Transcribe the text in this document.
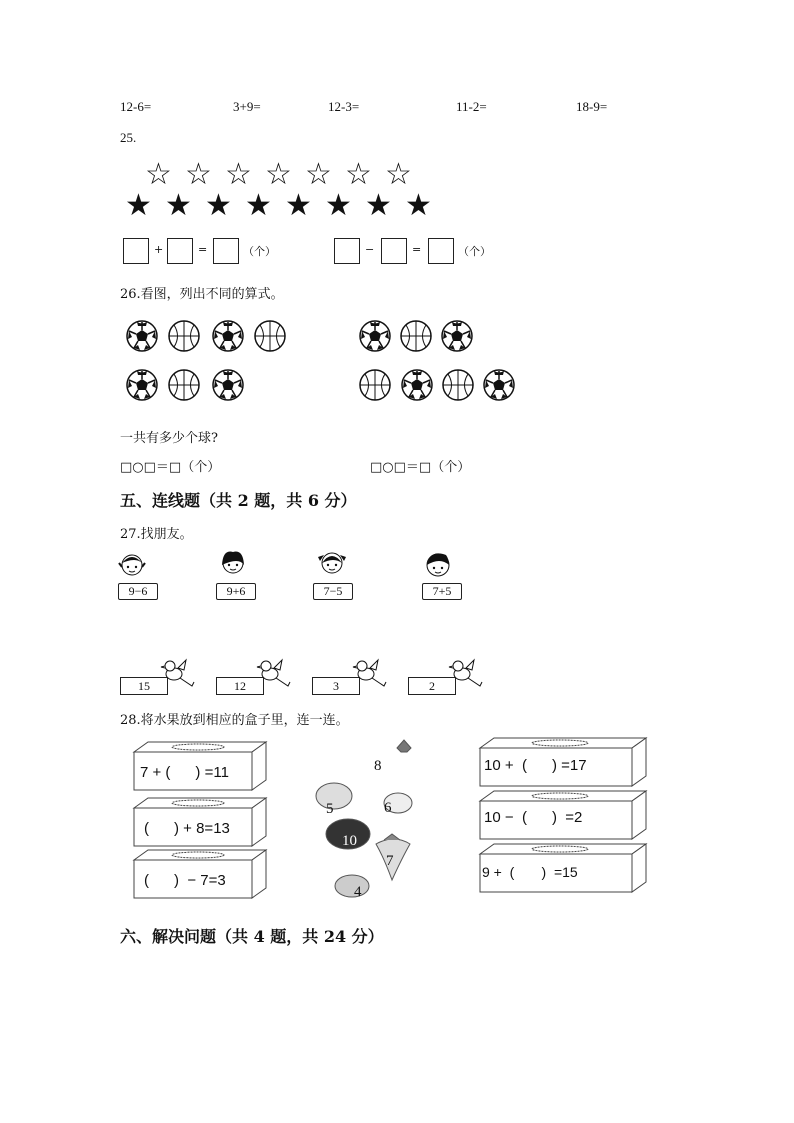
12-6=	3+9=	12-3=	11-2=	18-9=
25.
☆ ☆ ☆ ☆ ☆ ☆ ☆
★ ★ ★ ★ ★ ★ ★ ★
+	=	（个）	−	=	（个）
26.看图，列出不同的算式。
一共有多少个球?
□○□＝□（个）	□○□＝□（个）
五、连线题（共 2 题，共 6 分）
27.找朋友。
9−6	9+6	7−5	7+5
15	12	3	2
28.将水果放到相应的盒子里，连一连。
7 + (      ) =11
(      ) + 8=13
(      )  − 7=3
5
8
6
10
7
4
10 +  (      ) =17
10 −  (      )  =2
9 +  (       )  =15
六、解决问题（共 4 题，共 24 分）
